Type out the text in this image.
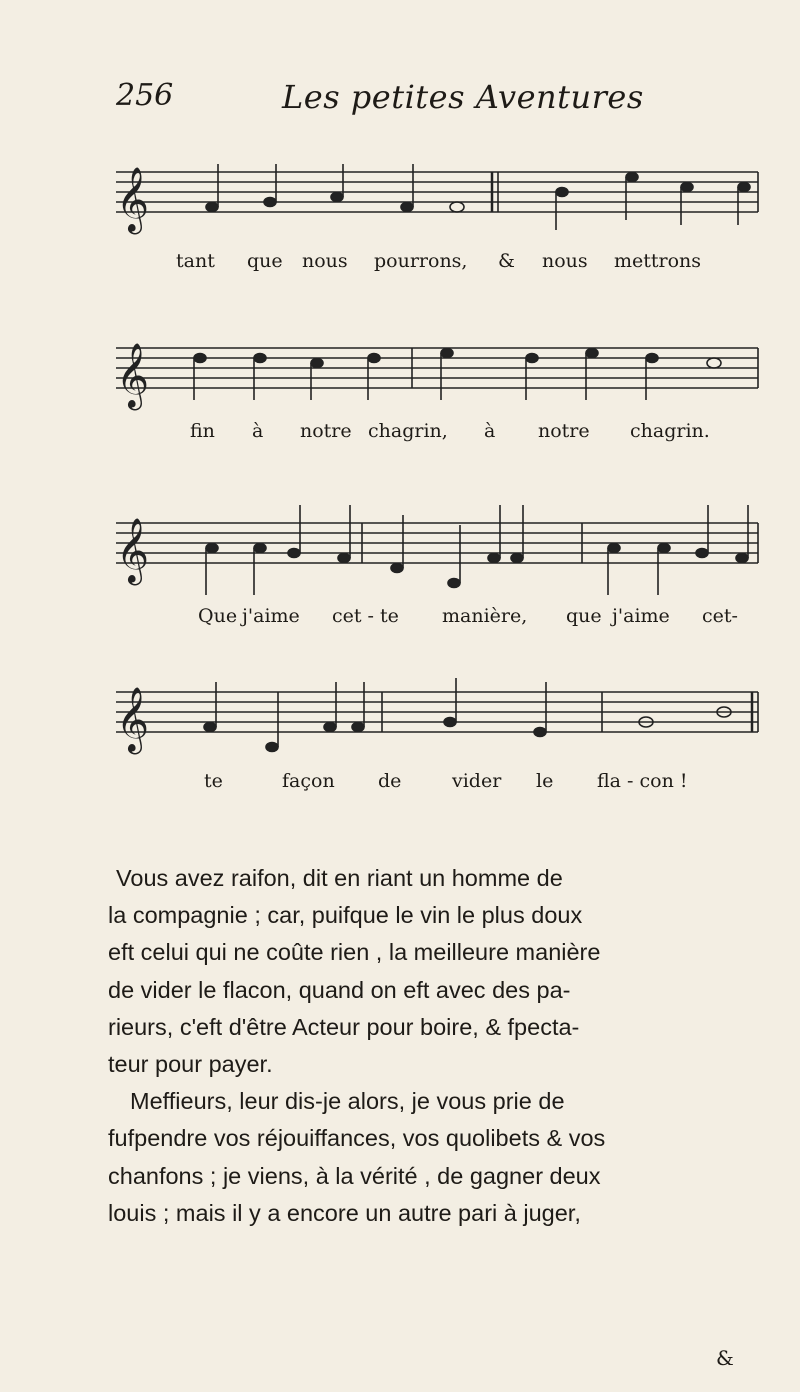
256	Les petites Aventures
𝄞
tant que nous pourrons, & nous mettrons
𝄞
fin à notre chagrin, à notre chagrin.
𝄞
Que j'aime cet - te manière, que j'aime cet-
𝄞
te	façon de	vider le fla - con !

Vous avez raifon, dit en riant un homme de
la compagnie ; car, puifque le vin le plus doux
eft celui qui ne coûte rien , la meilleure manière
de vider le flacon, quand on eft avec des pa-
rieurs, c'eft d'être Acteur pour boire, & fpecta-
teur pour payer.

Meffieurs, leur dis-je alors, je vous prie de
fufpendre vos réjouiffances, vos quolibets & vos
chanfons ; je viens, à la vérité , de gagner deux
louis ; mais il y a encore un autre pari à juger,

&
